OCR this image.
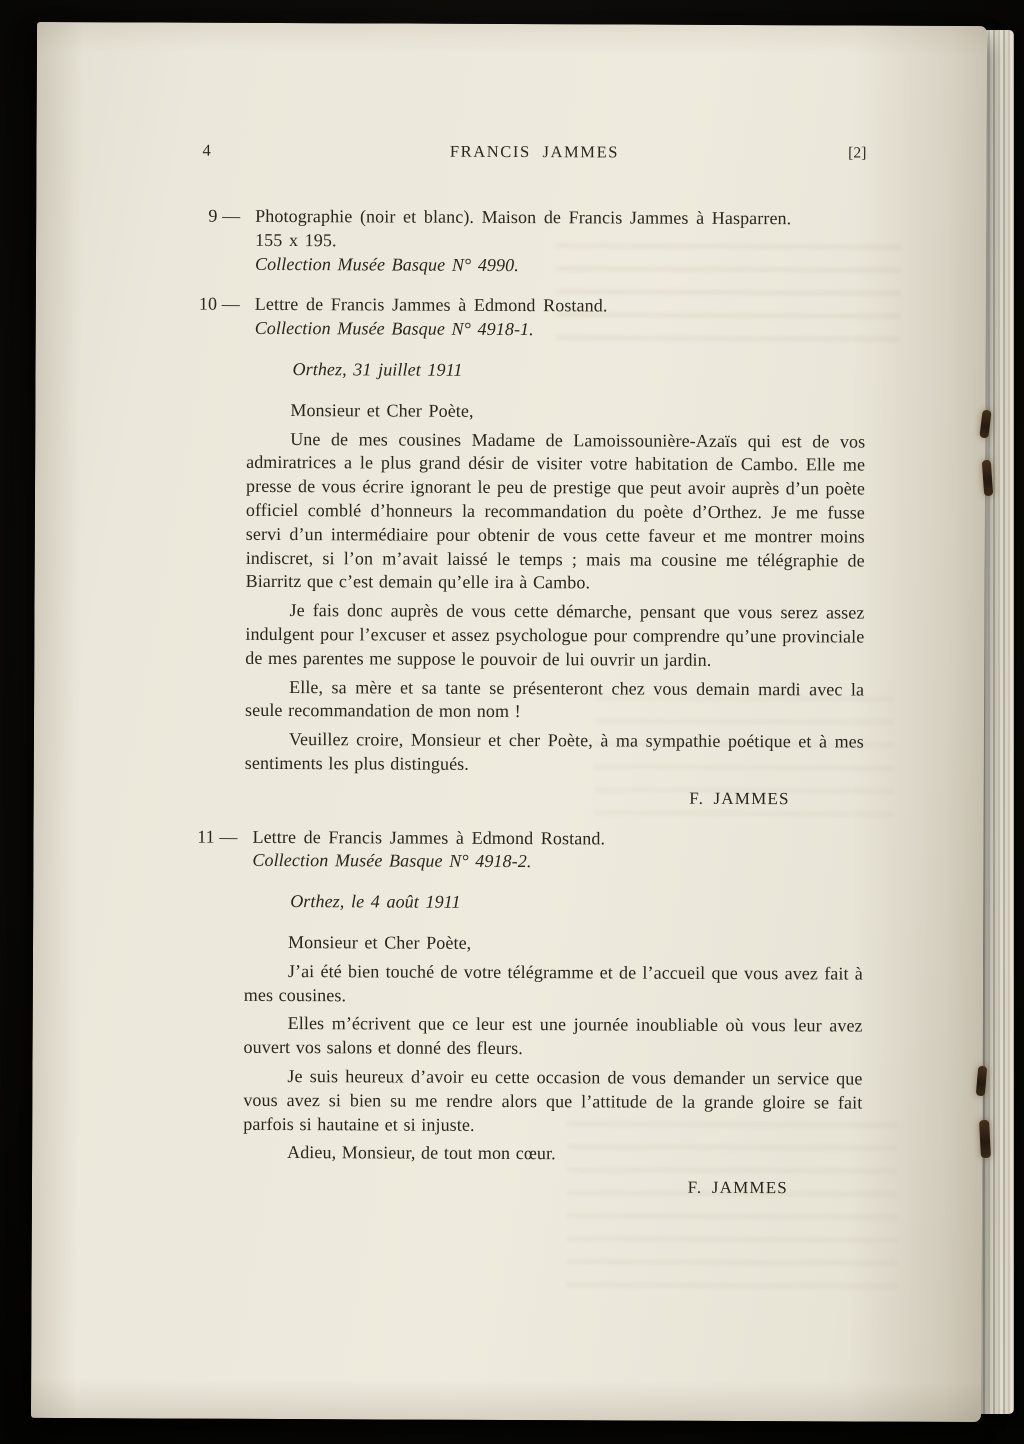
4	FRANCIS JAMMES	[2]
9 — Photographie (noir et blanc). Maison de Francis Jammes à Hasparren.

155 x 195.

Collection Musée Basque N° 4990.

10 — Lettre de Francis Jammes à Edmond Rostand.

Collection Musée Basque N° 4918-1.

Orthez, 31 juillet 1911

Monsieur et Cher Poète,

Une de mes cousines Madame de Lamoissounière-Azaïs qui est de vos admiratrices a le plus grand désir de visiter votre habitation de Cambo. Elle me presse de vous écrire ignorant le peu de prestige que peut avoir auprès d’un poète officiel comblé d’honneurs la recommandation du poète d’Orthez. Je me fusse servi d’un intermédiaire pour obtenir de vous cette faveur et me montrer moins indiscret, si l’on m’avait laissé le temps ; mais ma cousine me télégraphie de Biarritz que c’est demain qu’elle ira à Cambo.

Je fais donc auprès de vous cette démarche, pensant que vous serez assez indulgent pour l’excuser et assez psychologue pour comprendre qu’une provinciale de mes parentes me suppose le pouvoir de lui ouvrir un jardin.

Elle, sa mère et sa tante se présenteront chez vous demain mardi avec la seule recommandation de mon nom !

Veuillez croire, Monsieur et cher Poète, à ma sympathie poétique et à mes sentiments les plus distingués.

F. JAMMES

11 — Lettre de Francis Jammes à Edmond Rostand.

Collection Musée Basque N° 4918-2.

Orthez, le 4 août 1911

Monsieur et Cher Poète,

J’ai été bien touché de votre télégramme et de l’accueil que vous avez fait à mes cousines.

Elles m’écrivent que ce leur est une journée inoubliable où vous leur avez ouvert vos salons et donné des fleurs.

Je suis heureux d’avoir eu cette occasion de vous demander un service que vous avez si bien su me rendre alors que l’attitude de la grande gloire se fait parfois si hautaine et si injuste.

Adieu, Monsieur, de tout mon cœur.

F. JAMMES
